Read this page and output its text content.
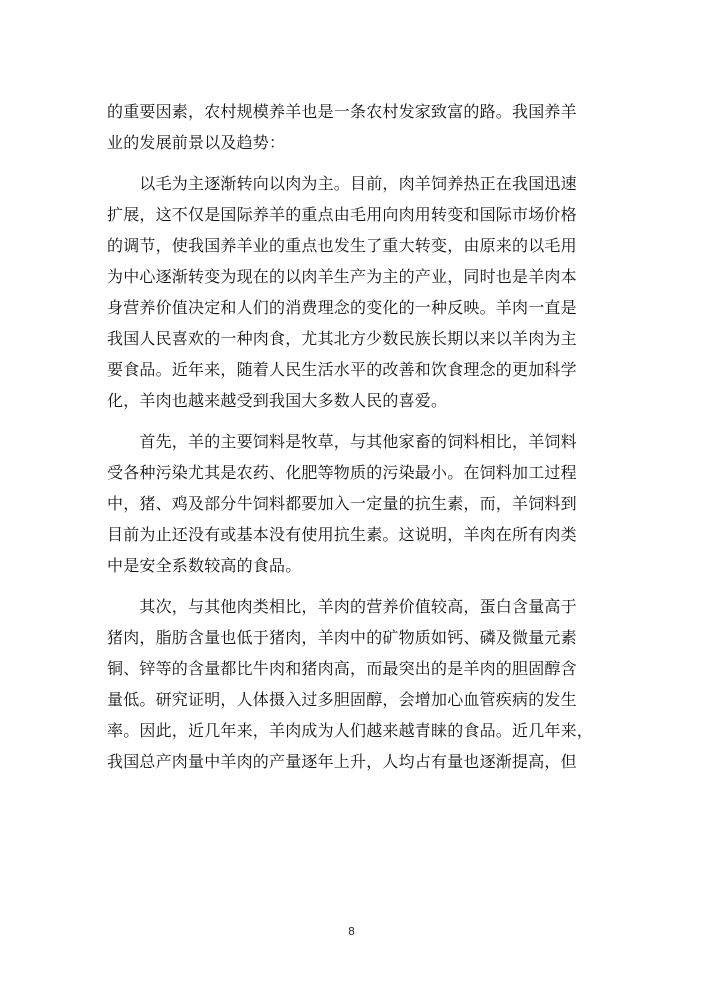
的重要因素，农村规模养羊也是一条农村发家致富的路。我国养羊
业的发展前景以及趋势：
　　以毛为主逐渐转向以肉为主。目前，肉羊饲养热正在我国迅速
扩展，这不仅是国际养羊的重点由毛用向肉用转变和国际市场价格
的调节，使我国养羊业的重点也发生了重大转变，由原来的以毛用
为中心逐渐转变为现在的以肉羊生产为主的产业，同时也是羊肉本
身营养价值决定和人们的消费理念的变化的一种反映。羊肉一直是
我国人民喜欢的一种肉食，尤其北方少数民族长期以来以羊肉为主
要食品。近年来，随着人民生活水平的改善和饮食理念的更加科学
化，羊肉也越来越受到我国大多数人民的喜爱。
　　首先，羊的主要饲料是牧草，与其他家畜的饲料相比，羊饲料
受各种污染尤其是农药、化肥等物质的污染最小。在饲料加工过程
中，猪、鸡及部分牛饲料都要加入一定量的抗生素，而，羊饲料到
目前为止还没有或基本没有使用抗生素。这说明，羊肉在所有肉类
中是安全系数较高的食品。
　　其次，与其他肉类相比，羊肉的营养价值较高，蛋白含量高于
猪肉，脂肪含量也低于猪肉，羊肉中的矿物质如钙、磷及微量元素
铜、锌等的含量都比牛肉和猪肉高，而最突出的是羊肉的胆固醇含
量低。研究证明，人体摄入过多胆固醇，会增加心血管疾病的发生
率。因此，近几年来，羊肉成为人们越来越青睐的食品。近几年来，
我国总产肉量中羊肉的产量逐年上升，人均占有量也逐渐提高，但
8
